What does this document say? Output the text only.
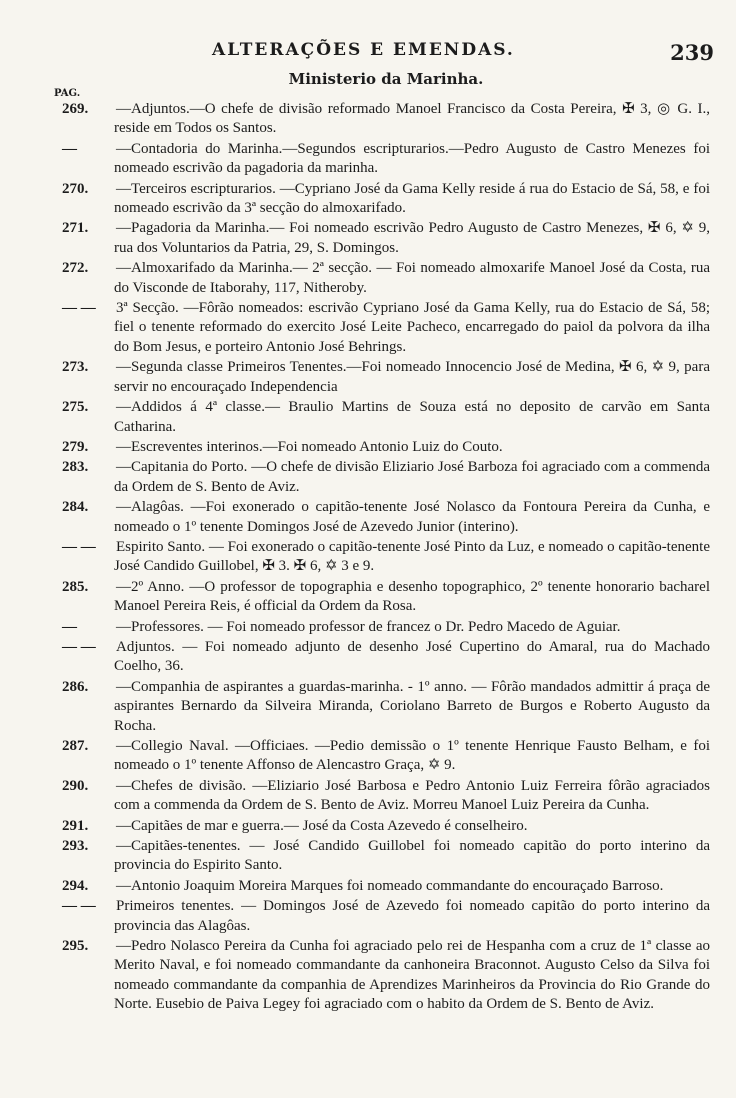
ALTERAÇÕES E EMENDAS.	239
Ministerio da Marinha.
PAG.

269. —Adjuntos.—O chefe de divisão reformado Manoel Francisco da Costa Pereira, ✠ 3, ◎ G. I., reside em Todos os Santos.

—	—Contadoria do Marinha.—Segundos escripturarios.—Pedro Augusto de Castro Menezes foi nomeado escrivão da pagadoria da marinha.

270. —Terceiros escripturarios. —Cypriano José da Gama Kelly reside á rua do Estacio de Sá, 58, e foi nomeado escrivão da 3ª secção do almoxarifado.

271. —Pagadoria da Marinha.— Foi nomeado escrivão Pedro Augusto de Castro Menezes, ✠ 6, ✡ 9, rua dos Voluntarios da Patria, 29, S. Domingos.

272. —Almoxarifado da Marinha.— 2ª secção. — Foi nomeado almoxarife Manoel José da Costa, rua do Visconde de Itaborahy, 117, Nitheroby.

— — 3ª Secção. —Fôrão nomeados: escrivão Cypriano José da Gama Kelly, rua do Estacio de Sá, 58; fiel o tenente reformado do exercito José Leite Pacheco, encarregado do paiol da polvora da ilha do Bom Jesus, e porteiro Antonio José Behrings.

273. —Segunda classe Primeiros Tenentes.—Foi nomeado Innocencio José de Medina, ✠ 6, ✡ 9, para servir no encouraçado Independencia

275. —Addidos á 4ª classe.— Braulio Martins de Souza está no deposito de carvão em Santa Catharina.

279. —Escreventes interinos.—Foi nomeado Antonio Luiz do Couto.

283. —Capitania do Porto. —O chefe de divisão Eliziario José Barboza foi agraciado com a commenda da Ordem de S. Bento de Aviz.

284. —Alagôas. —Foi exonerado o capitão-tenente José Nolasco da Fontoura Pereira da Cunha, e nomeado o 1º tenente Domingos José de Azevedo Junior (interino).

— — Espirito Santo. — Foi exonerado o capitão-tenente José Pinto da Luz, e nomeado o capitão-tenente José Candido Guillobel, ✠ 3. ✠ 6, ✡ 3 e 9.

285. —2º Anno. —O professor de topographia e desenho topographico, 2º tenente honorario bacharel Manoel Pereira Reis, é official da Ordem da Rosa.

—	—Professores. — Foi nomeado professor de francez o Dr. Pedro Macedo de Aguiar.

— — Adjuntos. — Foi nomeado adjunto de desenho José Cupertino do Amaral, rua do Machado Coelho, 36.

286. —Companhia de aspirantes a guardas-marinha. - 1º anno. — Fôrão mandados admittir á praça de aspirantes Bernardo da Silveira Miranda, Coriolano Barreto de Burgos e Roberto Augusto da Rocha.

287. —Collegio Naval. —Officiaes. —Pedio demissão o 1º tenente Henrique Fausto Belham, e foi nomeado o 1º tenente Affonso de Alencastro Graça, ✡ 9.

290. —Chefes de divisão. —Eliziario José Barbosa e Pedro Antonio Luiz Ferreira fôrão agraciados com a commenda da Ordem de S. Bento de Aviz. Morreu Manoel Luiz Pereira da Cunha.

291. —Capitães de mar e guerra.— José da Costa Azevedo é conselheiro.

293. —Capitães-tenentes. — José Candido Guillobel foi nomeado capitão do porto interino da provincia do Espirito Santo.

294. —Antonio Joaquim Moreira Marques foi nomeado commandante do encouraçado Barroso.

— — Primeiros tenentes. — Domingos José de Azevedo foi nomeado capitão do porto interino da provincia das Alagôas.

295. —Pedro Nolasco Pereira da Cunha foi agraciado pelo rei de Hespanha com a cruz de 1ª classe ao Merito Naval, e foi nomeado commandante da canhoneira Braconnot. Augusto Celso da Silva foi nomeado commandante da companhia de Aprendizes Marinheiros da Provincia do Rio Grande do Norte. Eusebio de Paiva Legey foi agraciado com o habito da Ordem de S. Bento de Aviz.
